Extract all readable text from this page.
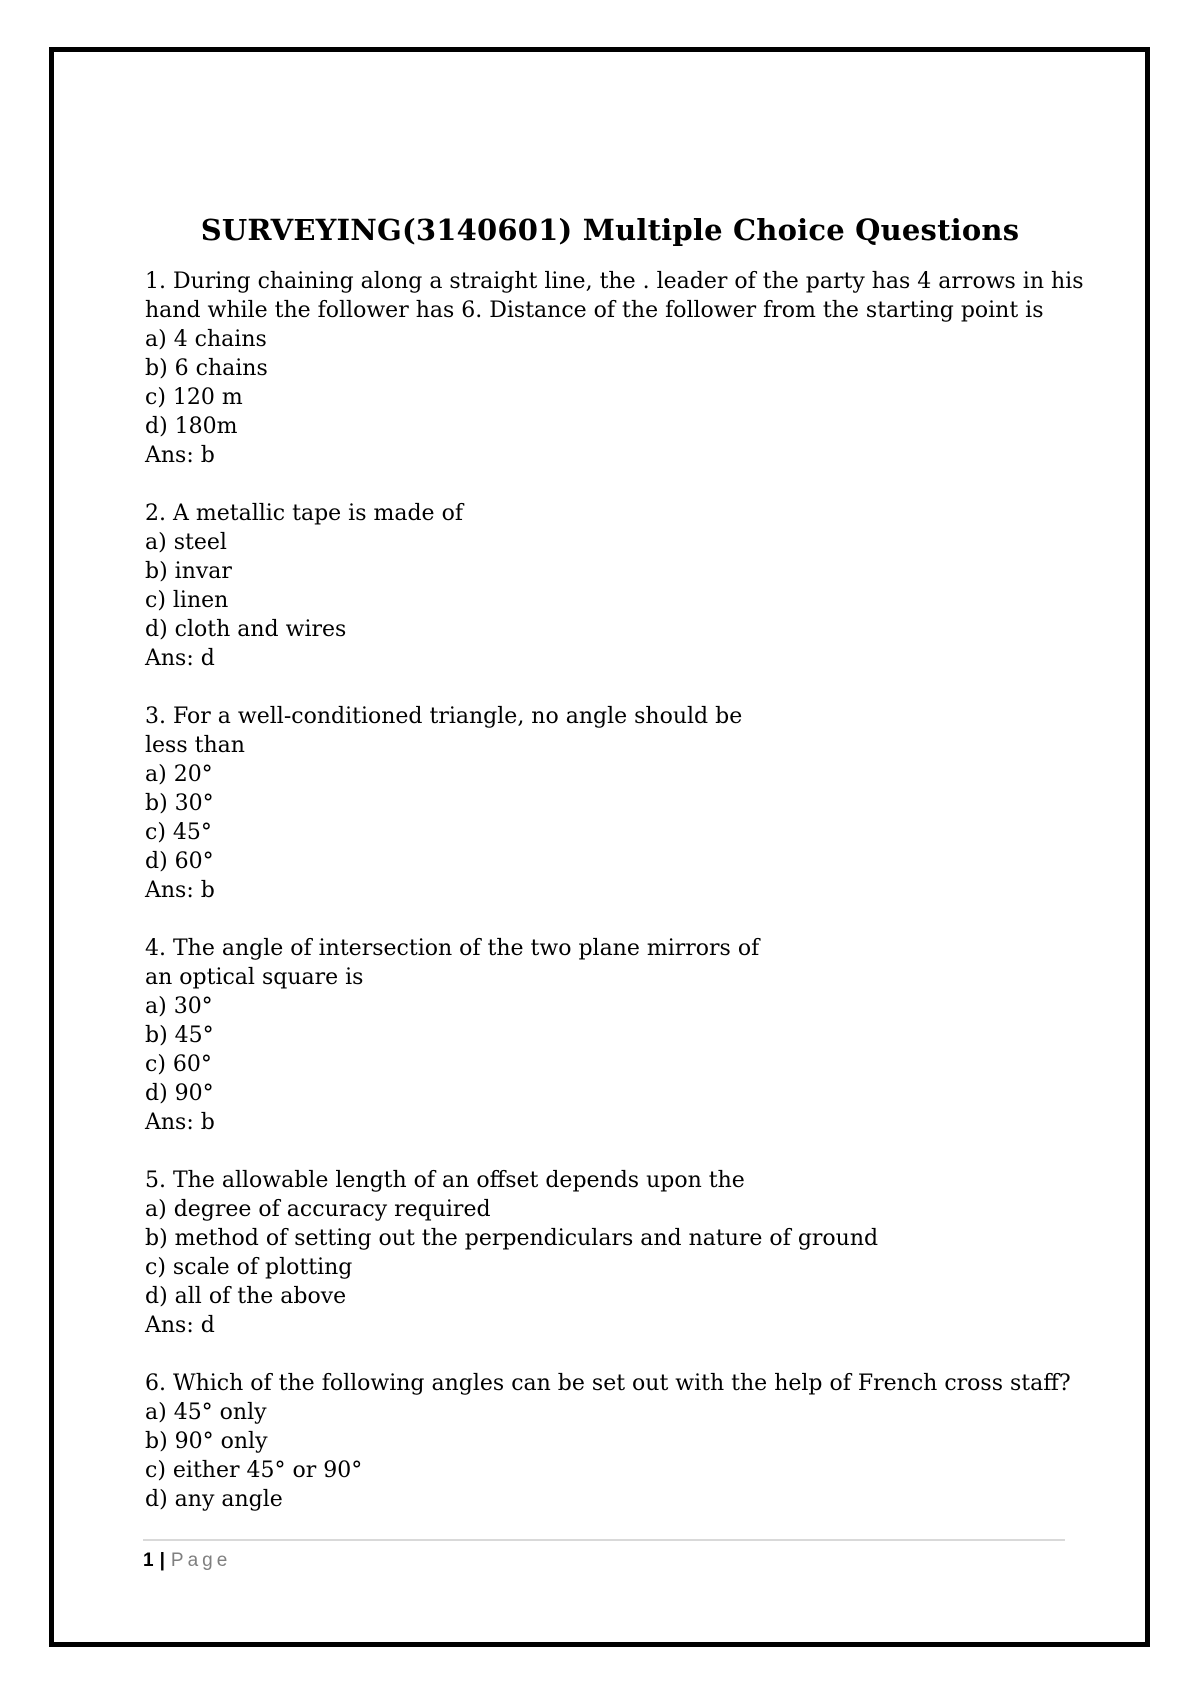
SURVEYING(3140601) Multiple Choice Questions
1. During chaining along a straight line, the . leader of the party has 4 arrows in his
hand while the follower has 6. Distance of the follower from the starting point is
a) 4 chains
b) 6 chains
c) 120 m
d) 180m
Ans: b
2. A metallic tape is made of
a) steel
b) invar
c) linen
d) cloth and wires
Ans: d
3. For a well-conditioned triangle, no angle should be
less than
a) 20°
b) 30°
c) 45°
d) 60°
Ans: b
4. The angle of intersection of the two plane mirrors of
an optical square is
a) 30°
b) 45°
c) 60°
d) 90°
Ans: b
5. The allowable length of an offset depends upon the
a) degree of accuracy required
b) method of setting out the perpendiculars and nature of ground
c) scale of plotting
d) all of the above
Ans: d
6. Which of the following angles can be set out with the help of French cross staff?
a) 45° only
b) 90° only
c) either 45° or 90°
d) any angle
1 | Page
